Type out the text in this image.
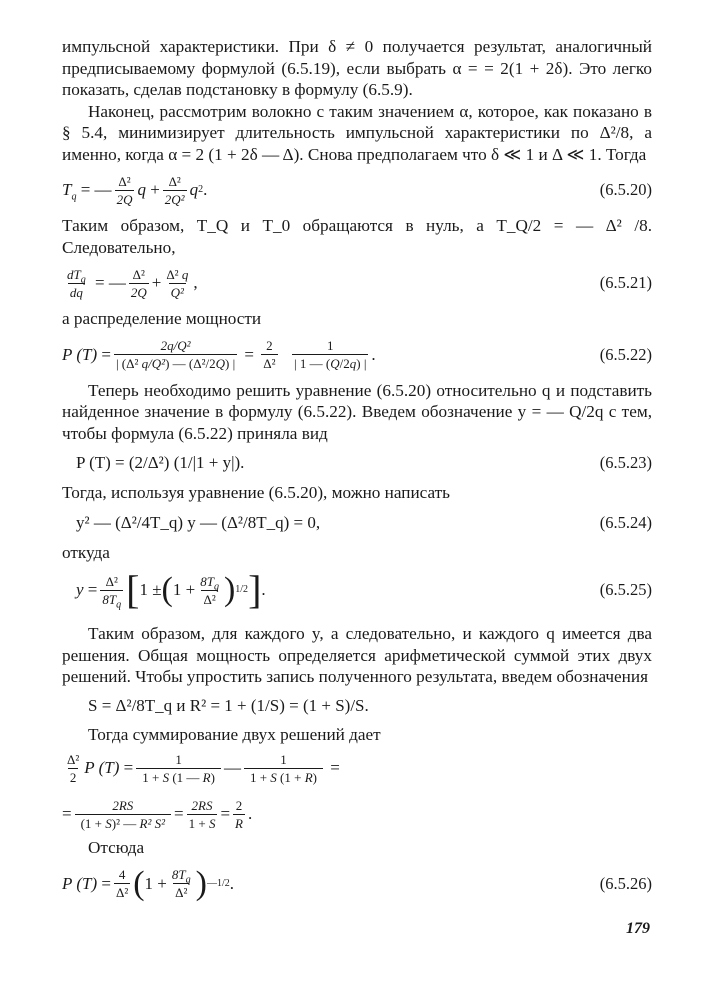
импульсной характеристики. При δ ≠ 0 получается результат, аналогичный предписываемому формулой (6.5.19), если выбрать α = = 2(1 + 2δ). Это легко показать, сделав подстановку в формулу (6.5.9).

Наконец, рассмотрим волокно с таким значением α, которое, как показано в § 5.4, минимизирует длительность импульсной характеристики по Δ²/8, а именно, когда α = 2 (1 + 2δ — Δ). Снова предполагаем что δ ≪ 1 и Δ ≪ 1. Тогда

$T_q$ = — $\frac{\text{Δ²}}{2Q}$ $q + \frac{\text{Δ²}}{\text{2Q²}}$ q 2 .	(6.5.20)

Таким образом, T_Q и T_0 обращаются в нуль, а T_Q/2 = — Δ² /8. Следовательно,

$\frac{dT_q}{dq}$ = — $\frac{\text{Δ²}}{2Q} + \frac{\text{Δ² q}}{\text{Q²}}$ ,	(6.5.21)

а распределение мощности

P $(T) = \frac{\text{2q/Q²}}{\text{| (Δ² q/Q²) — (Δ²/2Q) |}} = \frac{2}{\text{Δ²}}$
$\frac{1}{| 1 — (Q/2q) |}$ .	(6.5.22)

Теперь необходимо решить уравнение (6.5.20) относительно q и подставить найденное значение в формулу (6.5.22). Введем обозначение y = — Q/2q с тем, чтобы формула (6.5.22) приняла вид

P (T) = (2/Δ²) (1/|1 + y|).	(6.5.23)

Тогда, используя уравнение (6.5.20), можно написать

y² — (Δ²/4T_q) y — (Δ²/8T_q) = 0,	(6.5.24)

откуда

$y = \frac{\text{Δ²}}{8T_q}$ [ 1 ± ( $1 + \frac{8T_q}{\text{Δ²}}$ ) 1/2 ] .	(6.5.25)

Таким образом, для каждого y, а следовательно, и каждого q имеется два решения. Общая мощность определяется арифметической суммой этих двух решений. Чтобы упростить запись полученного результата, введем обозначения

S = Δ²/8T_q и R² = 1 + (1/S) = (1 + S)/S.

Тогда суммирование двух решений дает

$\frac{\text{Δ²}}{2}$ P $(T) = \frac{1}{1 + S (1 — R)}$ — $\frac{1}{1 + S (1 + R)}$ =
= $\frac{2RS}{\text{(1 + S)² — R² S²}} = \frac{2RS}{1 + S} = \frac{2}{R}$ .

Отсюда

P $(T) = \frac{4}{\text{Δ²}}$ ( $1 + \frac{8T_q}{\text{Δ²}}$ ) —1/2 .	(6.5.26)
179
